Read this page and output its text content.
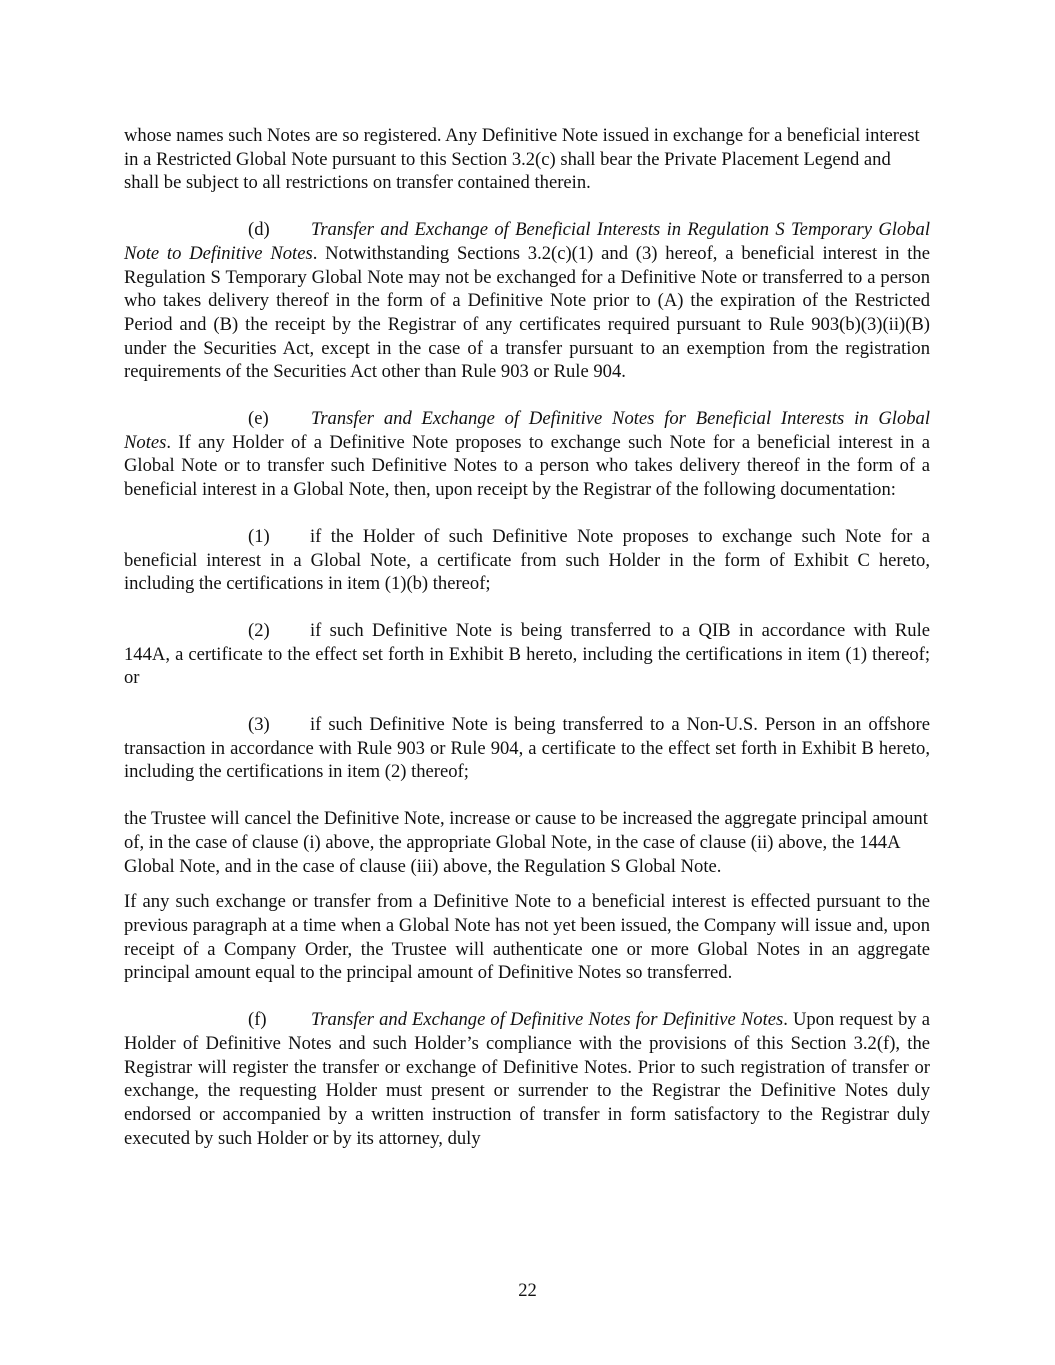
whose names such Notes are so registered. Any Definitive Note issued in exchange for a beneficial interest in a Restricted Global Note pursuant to this Section 3.2(c) shall bear the Private Placement Legend and shall be subject to all restrictions on transfer contained therein.

(d) Transfer and Exchange of Beneficial Interests in Regulation S Temporary Global Note to Definitive Notes. Notwithstanding Sections 3.2(c)(1) and (3) hereof, a beneficial interest in the Regulation S Temporary Global Note may not be exchanged for a Definitive Note or transferred to a person who takes delivery thereof in the form of a Definitive Note prior to (A) the expiration of the Restricted Period and (B) the receipt by the Registrar of any certificates required pursuant to Rule 903(b)(3)(ii)(B) under the Securities Act, except in the case of a transfer pursuant to an exemption from the registration requirements of the Securities Act other than Rule 903 or Rule 904.

(e) Transfer and Exchange of Definitive Notes for Beneficial Interests in Global Notes. If any Holder of a Definitive Note proposes to exchange such Note for a beneficial interest in a Global Note or to transfer such Definitive Notes to a person who takes delivery thereof in the form of a beneficial interest in a Global Note, then, upon receipt by the Registrar of the following documentation:

(1) if the Holder of such Definitive Note proposes to exchange such Note for a beneficial interest in a Global Note, a certificate from such Holder in the form of Exhibit C hereto, including the certifications in item (1)(b) thereof;

(2) if such Definitive Note is being transferred to a QIB in accordance with Rule 144A, a certificate to the effect set forth in Exhibit B hereto, including the certifications in item (1) thereof; or

(3) if such Definitive Note is being transferred to a Non-U.S. Person in an offshore transaction in accordance with Rule 903 or Rule 904, a certificate to the effect set forth in Exhibit B hereto, including the certifications in item (2) thereof;

the Trustee will cancel the Definitive Note, increase or cause to be increased the aggregate principal amount of, in the case of clause (i) above, the appropriate Global Note, in the case of clause (ii) above, the 144A Global Note, and in the case of clause (iii) above, the Regulation S Global Note.

If any such exchange or transfer from a Definitive Note to a beneficial interest is effected pursuant to the previous paragraph at a time when a Global Note has not yet been issued, the Company will issue and, upon receipt of a Company Order, the Trustee will authenticate one or more Global Notes in an aggregate principal amount equal to the principal amount of Definitive Notes so transferred.

(f) Transfer and Exchange of Definitive Notes for Definitive Notes. Upon request by a Holder of Definitive Notes and such Holder’s compliance with the provisions of this Section 3.2(f), the Registrar will register the transfer or exchange of Definitive Notes. Prior to such registration of transfer or exchange, the requesting Holder must present or surrender to the Registrar the Definitive Notes duly endorsed or accompanied by a written instruction of transfer in form satisfactory to the Registrar duly executed by such Holder or by its attorney, duly

22
